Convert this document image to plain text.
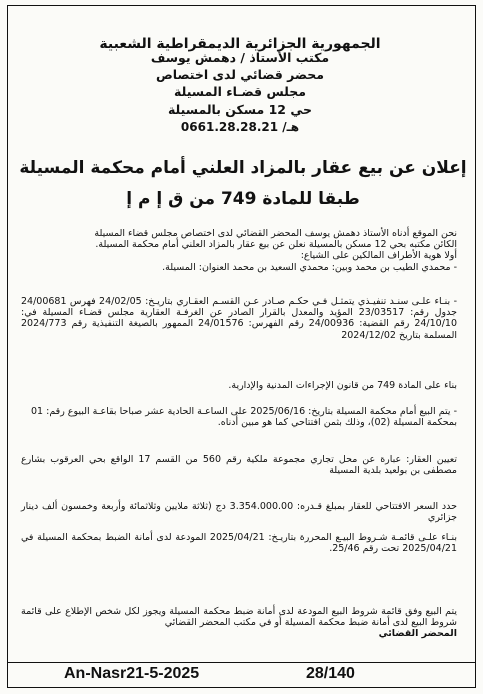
الجمهورية الجزائرية الديمقراطية الشعبية
مكتب الأستاذ / دهمش يوسف
محضر قضائي لدى اختصاص
مجلس قضـاء المسيلة
حي 12 مسكن بالمسيلة
هـ/ 0661.28.28.21
إعلان عن بيع عقار بالمزاد العلني أمام محكمة المسيلة
طبقا للمادة 749 من ق إ م إ

نحن الموقع أدناه الأستاذ دهمش يوسف المحضر القضائي لدى اختصاص مجلس قضاء المسيلة

الكائن مكتبه بحي 12 مسكن بالمسيلة نعلن عن بيع عقار بالمزاد العلني أمام محكمة المسيلة.

أولا هوية الأطراف المالكين على الشياع:

- محمدي الطيب بن محمد وبين: محمدي السعيد بن محمد العنوان: المسيلة.

- بنـاء علـى سنـد تنفيـذي يتمثـل فـي حكـم صـادر عـن القسـم العقـاري بتاريـخ: 24/02/05 فهرس 24/00681 جدول رقم: 23/03517 المؤيد والمعدل بالقرار الصادر عن الغرفـة العقارية مجلس قضـاء المسيلة في: 24/10/10 رقم القضية: 24/00936 رقم الفهرس: 24/01576 الممهور بالصيغة التنفيذية رقم 2024/773 المسلمة بتاريخ 2024/12/02

بناء على المادة 749 من قانون الإجراءات المدنية والإدارية.

- يتم البيع أمام محكمة المسيلة بتاريخ: 2025/06/16 على الساعـة الحادية عشر صباحا بقاعـة البيوع رقم: 01

بمحكمة المسيلة (02)، وذلك بثمن افتتاحي كما هو مبين أدناه.

تعيين العقار: عبارة عن محل تجاري مجموعة ملكية رقم 560 من القسم 17 الواقع بحي العرقوب بشارع مصطفى بن بولعيد بلدية المسيلة

حدد السعر الافتتاحي للعقار بمبلغ قـدره: 3.354.000.00 دج (ثلاثة ملايين وثلاثمائة وأربعة وخمسون ألف دينار جزائري

بنـاء علـى قائمـة شـروط البيـع المحررة بتاريـخ: 2025/04/21 المودعة لدى أمانة الضبط بمحكمة المسيلة في 2025/04/21 تحت رقم 25/46.

يتم البيع وفق قائمة شروط البيع المودعة لدى أمانة ضبط محكمة المسيلة ويجوز لكل شخص الإطلاع على قائمة شروط البيع لدى أمانة ضبط محكمة المسيلة أو في مكتب المحضر القضائي

المحضر القضائي

An-Nasr21-5-2025	28/140
